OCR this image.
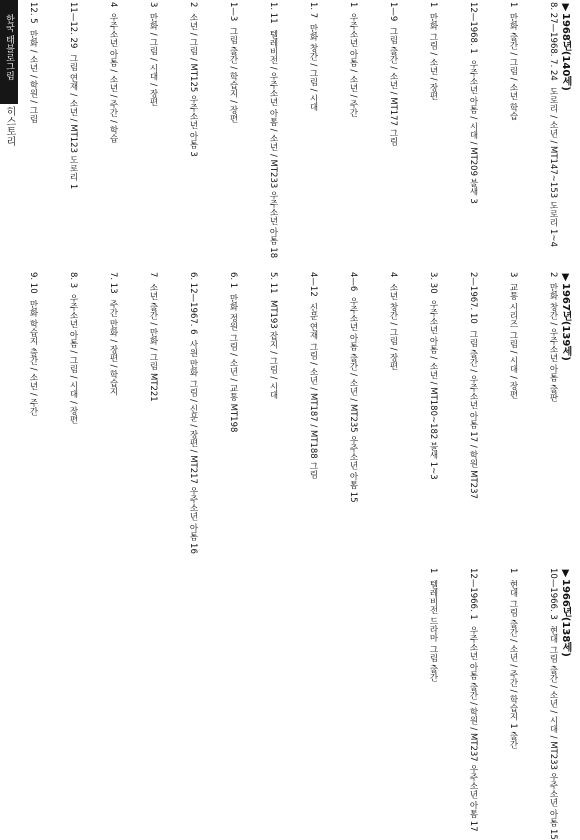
한국 태블로그림
히스토리
▼1966년(138세)
10—1966. 3
현대 그림 출간 / 소년 / 시대 / MT233 우주소년 아톰 15
1
현대 그림 출간 / 소년 / 주간 / 학습지 1 출간
12—1966. 1
우주소년 아톰 출간 / 학원 / MT237 우주소년 아톰 17
1
텔레비전 드라마 그림 출간
▼1967년(139세)
2
만화 창간 / 우주소년 아톰 출판
3
교통 시리즈 그림 / 시대 / 장편
2—1967. 10
그림 출간 / 우주소년 아톰 17 / 학원 MT237
3. 30
우주소년 아톰 / 소년 / MT180~182 불새 1~3
4
소년 창간 / 그림 / 장편
4—6
우주소년 아톰 출간 / 소년 / MT235 우주소년 아톰 15
4—12
신문 연재 그림 / 소년 / MT187 / MT188 그림
5. 11
MT193 잡지 / 그림 / 시대
6. 1
만화 정원 그림 / 소년 / 교통 MT198
6. 12—1967. 6
사원 만화 그림 / 신문 / 장편 / MT217 우주소년 아톰 16
7
소년 출간 / 만화 / 그림 MT221
7. 13
주간 만화 / 장편 / 학습지
8. 3
우주소년 아톰 / 그림 / 시대 / 장편
9. 10
만화 학습지 출간 / 소년 / 주간
▼1968년(140세)
8. 27—1968. 7. 24
도로리 / 소년 / MT147~153 도로리 1~4
1
만화 출간 / 그림 / 소년 학습
12—1968. 1
우주소년 아톰 / 시대 / MT209 불새 3
1
만화 그림 / 소년 / 장편
1—9
그림 출간 / 소년 / MT177 그림
1
우주소년 아톰 / 소년 / 주간
1. 7
만화 창간 / 그림 / 시대
1. 11
텔레비전 / 우주소년 아톰 / 소년 / MT233 우주소년 아톰 18
1—3
그림 출간 / 학습지 / 장편
2
소년 / 그림 / MT125 우주소년 아톰 3
3
만화 / 그림 / 시대 / 장편
4
우주소년 아톰 / 소년 / 주간 / 학습
11—12. 29
그림 연재 / 소년 / MT123 도로리 1
12. 5
만화 / 소년 / 학원 / 그림
